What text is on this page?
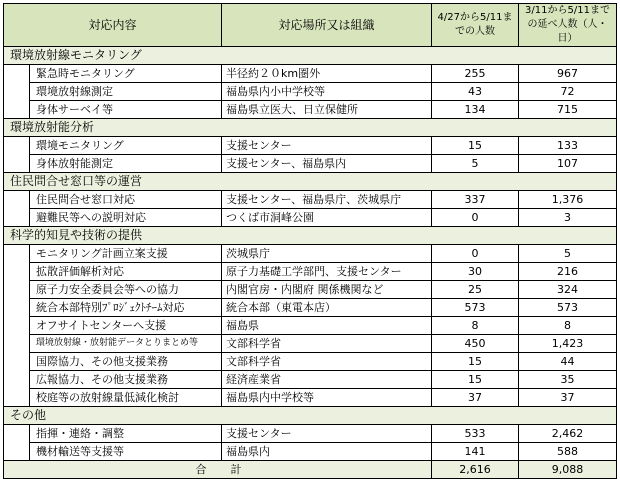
対応内容		対応場所又は組織	4/27から5/11までの人数	3/11から5/11までの延べ人数（人・日）
環境放射線モニタリング				
	緊急時モニタリング	半径約２０km圏外	255	967
	環境放射線測定	福島県内小中学校等	43	72
	身体サーベイ等	福島県立医大、日立保健所	134	715
環境放射能分析				
	環境モニタリング	支援センター	15	133
	身体放射能測定	支援センター、福島県内	5	107
住民問合せ窓口等の運営				
	住民問合せ窓口対応	支援センター、福島県庁、茨城県庁	337	1,376
	避難民等への説明対応	つくば市洞峰公園	0	3
科学的知見や技術の提供				
	モニタリング計画立案支援	茨城県庁	0	5
	拡散評価解析対応	原子力基礎工学部門、支援センター	30	216
	原子力安全委員会等への協力	内閣官房・内閣府 関係機関など	25	324
	統合本部特別ﾌﾟﾛｼﾞｪｸﾄﾁｰﾑ対応	統合本部（東電本店）	573	573
	オフサイトセンターへ支援	福島県	8	8
	環境放射線・放射能データとりまとめ等	文部科学省	450	1,423
	国際協力、その他支援業務	文部科学省	15	44
	広報協力、その他支援業務	経済産業省	15	35
	校庭等の放射線量低減化検討	福島県内中学校等	37	37
その他				
	指揮・連絡・調整	支援センター	533	2,462
	機材輸送等支援等	福島県内	141	588
合計			2,616	9,088
